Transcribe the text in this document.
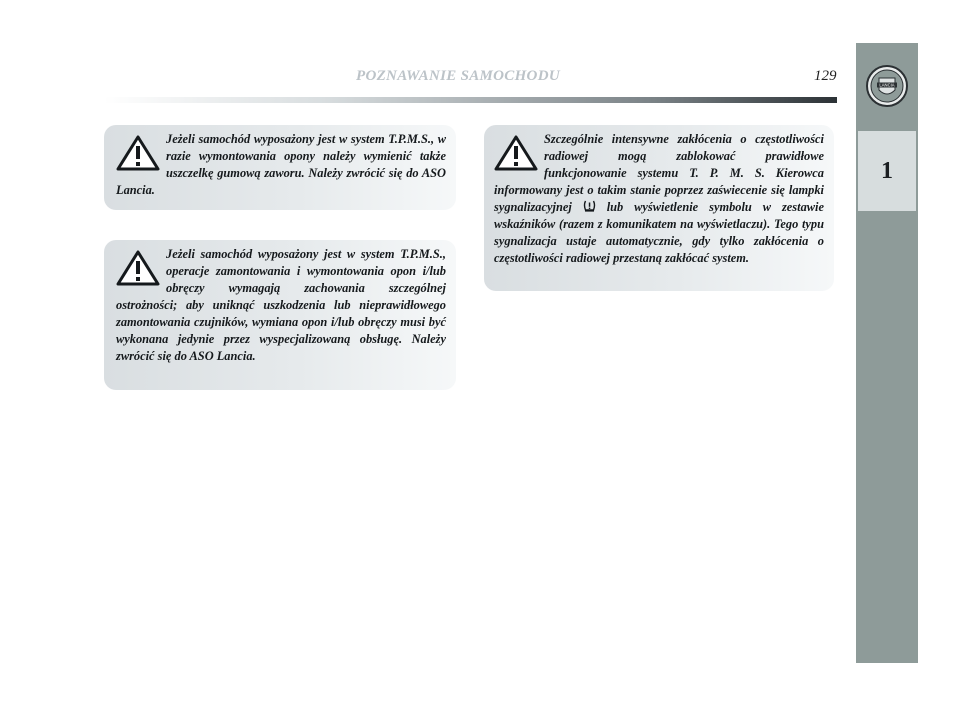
POZNAWANIE SAMOCHODU	129
LANCIA
1
Jeżeli samochód wyposażony jest w system T.P.M.S., w razie wymontowania opony należy wymienić także uszczelkę gumową zaworu. Należy zwrócić się do ASO Lancia.
Jeżeli samochód wyposażony jest w system T.P.M.S., operacje zamontowania i wymontowania opon i/lub obręczy wymagają zachowania szczególnej ostrożności; aby uniknąć uszkodzenia lub nieprawidłowego zamontowania czujników, wymiana opon i/lub obręczy musi być wykonana jedynie przez wyspecjalizowaną obsługę. Należy zwrócić się do ASO Lancia.
Szczególnie intensywne zakłócenia o częstotliwości radiowej mogą zablokować prawidłowe funkcjonowanie systemu T. P. M. S. Kierowca informowany jest o takim stanie poprzez zaświecenie się lampki sygnalizacyjnej	lub wyświetlenie symbolu w zestawie wskaźników (razem z komunikatem na wyświetlaczu). Tego typu sygnalizacja ustaje automatycznie, gdy tylko zakłócenia o częstotliwości radiowej przestaną zakłócać system.
